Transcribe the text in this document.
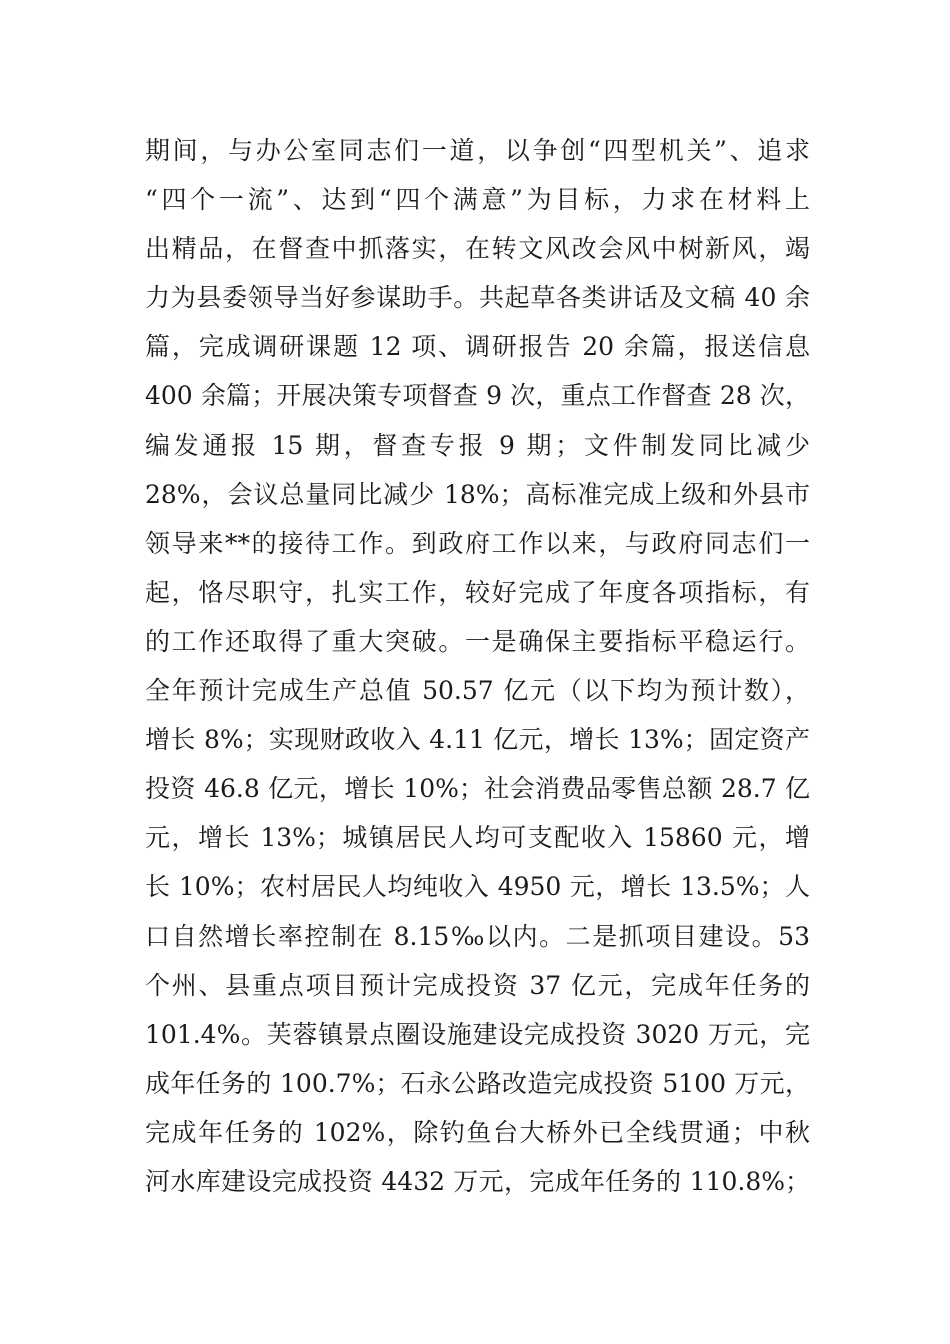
期间，与办公室同志们一道，以争创“四型机关”、追求
“四个一流”、达到“四个满意”为目标，力求在材料上
出精品，在督查中抓落实，在转文风改会风中树新风，竭
力为县委领导当好参谋助手。共起草各类讲话及文稿 40 余
篇，完成调研课题 12 项、调研报告 20 余篇，报送信息
400 余篇；开展决策专项督查 9 次，重点工作督查 28 次，
编发通报 15 期，督查专报 9 期；文件制发同比减少
28%，会议总量同比减少 18%；高标准完成上级和外县市
领导来**的接待工作。到政府工作以来，与政府同志们一
起，恪尽职守，扎实工作，较好完成了年度各项指标，有
的工作还取得了重大突破。一是确保主要指标平稳运行。
全年预计完成生产总值 50.57 亿元（以下均为预计数），
增长 8%；实现财政收入 4.11 亿元，增长 13%；固定资产
投资 46.8 亿元，增长 10%；社会消费品零售总额 28.7 亿
元，增长 13%；城镇居民人均可支配收入 15860 元，增
长 10%；农村居民人均纯收入 4950 元，增长 13.5%；人
口自然增长率控制在 8.15‰以内。二是抓项目建设。53
个州、县重点项目预计完成投资 37 亿元，完成年任务的
101.4%。芙蓉镇景点圈设施建设完成投资 3020 万元，完
成年任务的 100.7%；石永公路改造完成投资 5100 万元，
完成年任务的 102%，除钓鱼台大桥外已全线贯通；中秋
河水库建设完成投资 4432 万元，完成年任务的 110.8%；
